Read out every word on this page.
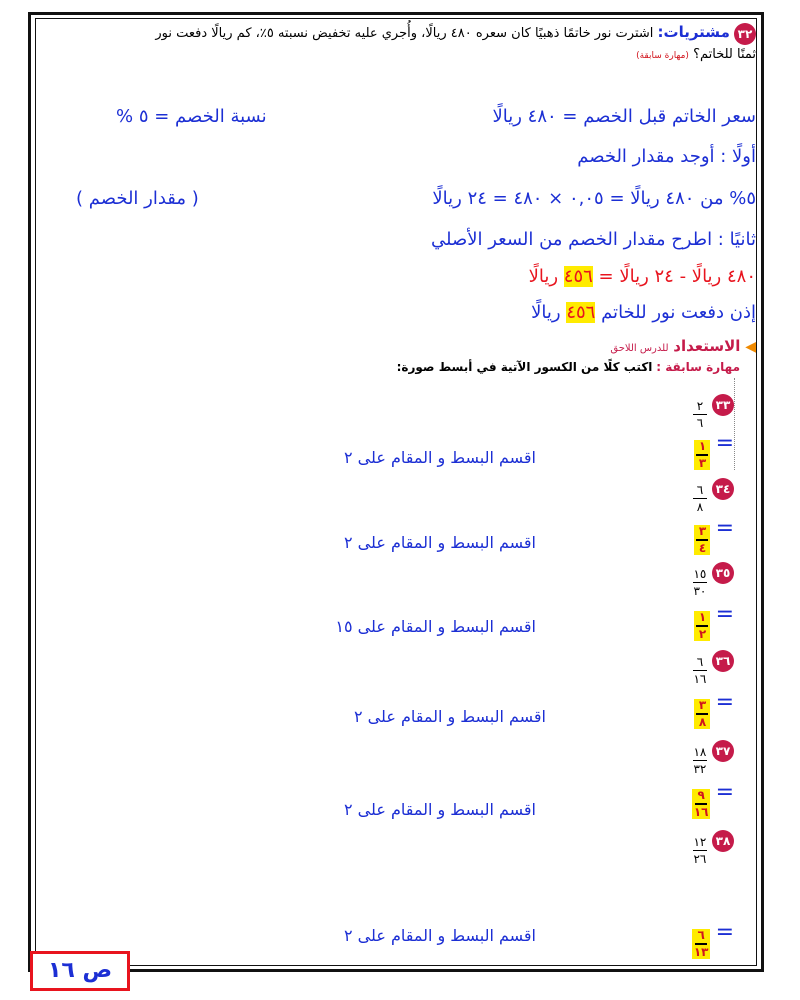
٣٢ مشتريات: اشترت نور خاتمًا ذهبيًا كان سعره ٤٨٠ ريالًا، وأُجري عليه تخفيض نسبته ٥٪، كم ريالًا دفعت نور
ثمنًا للخاتم؟ (مهارة سابقة)
سعر الخاتم قبل الخصم = ٤٨٠ ريالًا
نسبة الخصم = ٥ %
أولًا : أوجد مقدار الخصم
٥% من ٤٨٠ ريالًا = ٠,٠٥ × ٤٨٠ = ٢٤ ريالًا
( مقدار الخصم )
ثانيًا : اطرح مقدار الخصم من السعر الأصلي
٤٨٠ ريالًا - ٢٤ ريالًا = ٤٥٦ ريالًا
إذن دفعت نور للخاتم ٤٥٦ ريالًا
◀ الاستعداد للدرس اللاحق
مهارة سابقة : اكتب كلًا من الكسور الآتية في أبسط صورة:
٣٣
$\frac{٢}{٦}$
=
١
٣
اقسم البسط و المقام على ٢
٣٤
$\frac{٦}{٨}$
=
٣
٤
اقسم البسط و المقام على ٢
٣٥
$\frac{١٥}{٣٠}$
=
١
٢
اقسم البسط و المقام على ١٥
٣٦
$\frac{٦}{١٦}$
=
٣
٨
اقسم البسط و المقام على ٢
٣٧
$\frac{١٨}{٣٢}$
=
٩
١٦
اقسم البسط و المقام على ٢
٣٨
$\frac{١٢}{٢٦}$
=
٦
١٣
اقسم البسط و المقام على ٢
ص ١٦
